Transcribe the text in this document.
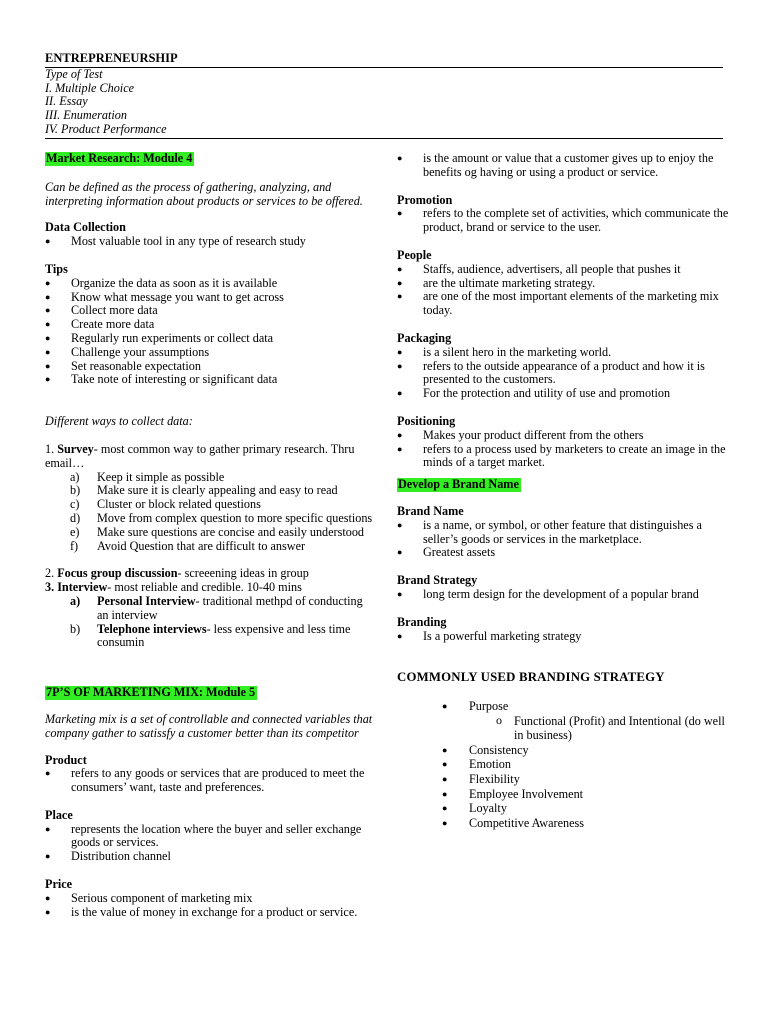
ENTREPRENEURSHIP
Type of Test
I. Multiple Choice
II. Essay
III. Enumeration
IV. Product Performance
Market Research: Module 4

Can be defined as the process of gathering, analyzing, and interpreting information about products or services to be offered.

Data Collection
● Most valuable tool in any type of research study
Tips
● Organize the data as soon as it is available
● Know what message you want to get across
● Collect more data
● Create more data
● Regularly run experiments or collect data
● Challenge your assumptions
● Set reasonable expectation
● Take note of interesting or significant data
Different ways to collect data:
1. Survey- most common way to gather primary research. Thru email…
a) Keep it simple as possible
b) Make sure it is clearly appealing and easy to read
c) Cluster or block related questions
d) Move from complex question to more specific questions
e) Make sure questions are concise and easily understood
f) Avoid Question that are difficult to answer
2. Focus group discussion- screeening ideas in group
3. Interview- most reliable and credible. 10-40 mins
a) Personal Interview- traditional methpd of conducting an interview
b) Telephone interviews- less expensive and less time consumin
7P’S OF MARKETING MIX: Module 5

Marketing mix is a set of controllable and connected variables that company gather to satissfy a customer better than its competitor

Product
● refers to any goods or services that are produced to meet the consumers’ want, taste and preferences.
Place
● represents the location where the buyer and seller exchange goods or services.
● Distribution channel
Price
● Serious component of marketing mix
● is the value of money in exchange for a product or service.
● is the amount or value that a customer gives up to enjoy the benefits og having or using a product or service.
Promotion
● refers to the complete set of activities, which communicate the product, brand or service to the user.
People
● Staffs, audience, advertisers, all people that pushes it
● are the ultimate marketing strategy.
● are one of the most important elements of the marketing mix today.
Packaging
● is a silent hero in the marketing world.
● refers to the outside appearance of a product and how it is presented to the customers.
● For the protection and utility of use and promotion
Positioning
● Makes your product different from the others
● refers to a process used by marketers to create an image in the minds of a target market.
Develop a Brand Name
Brand Name
● is a name, or symbol, or other feature that distinguishes a seller’s goods or services in the marketplace.
● Greatest assets
Brand Strategy
● long term design for the development of a popular brand
Branding
● Is a powerful marketing strategy
COMMONLY USED BRANDING STRATEGY
● Purpose
o Functional (Profit) and Intentional (do well in business)
● Consistency
● Emotion
● Flexibility
● Employee Involvement
● Loyalty
● Competitive Awareness
